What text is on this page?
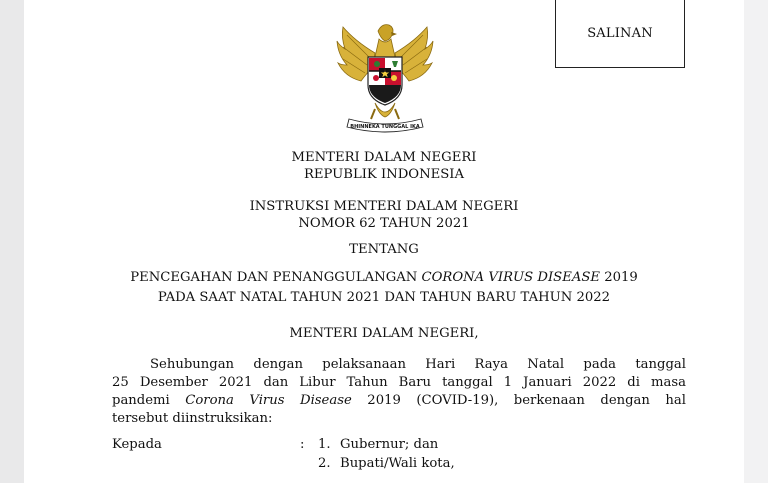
SALINAN
BHINNEKA TUNGGAL IKA
MENTERI DALAM NEGERI
REPUBLIK INDONESIA
INSTRUKSI MENTERI DALAM NEGERI
NOMOR 62 TAHUN 2021
TENTANG
PENCEGAHAN DAN PENANGGULANGAN CORONA VIRUS DISEASE 2019
PADA SAAT NATAL TAHUN 2021 DAN TAHUN BARU TAHUN 2022
MENTERI DALAM NEGERI,
Sehubungan dengan pelaksanaan Hari Raya Natal pada tanggal
25 Desember 2021 dan Libur Tahun Baru tanggal 1 Januari 2022 di masa
pandemi Corona Virus Disease 2019 (COVID-19), berkenaan dengan hal
tersebut diinstruksikan:
Kepada	: 1. Gubernur; dan
2. Bupati/Wali kota,
